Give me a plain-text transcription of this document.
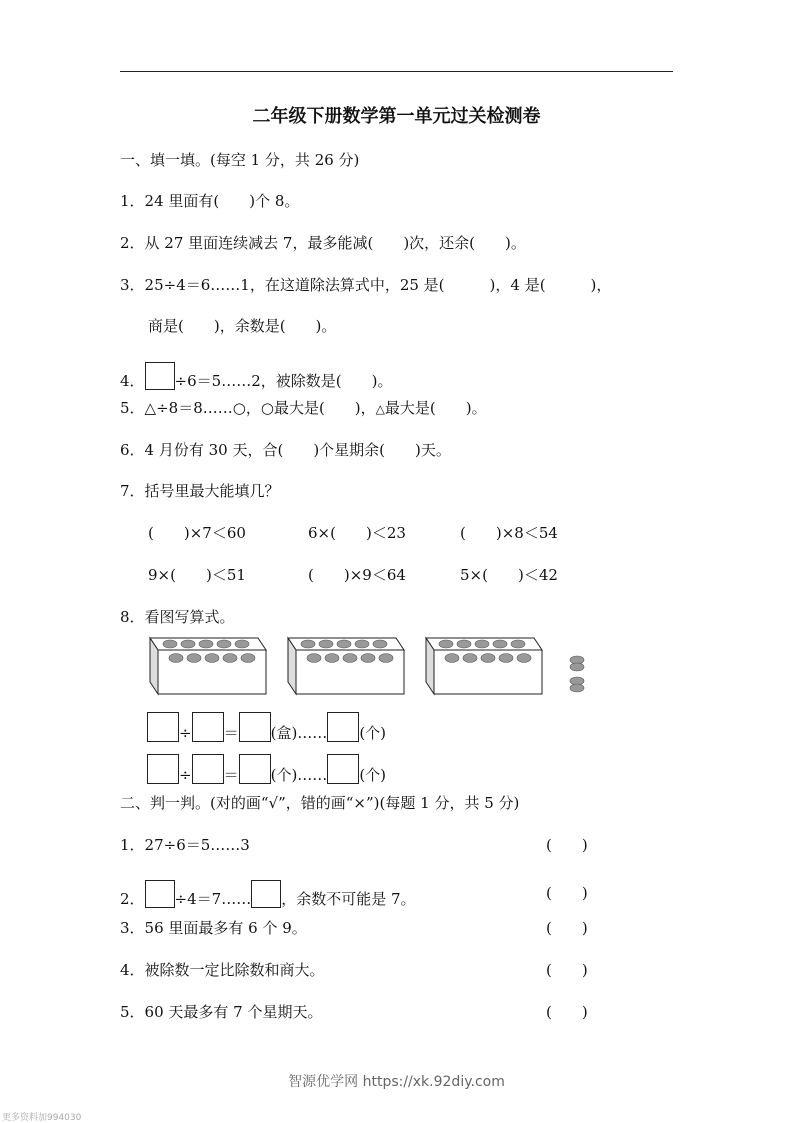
二年级下册数学第一单元过关检测卷
一、填一填。(每空 1 分，共 26 分)
1．24 里面有(　　)个 8。
2．从 27 里面连续减去 7，最多能减(　　)次，还余(　　)。
3．25÷4＝6……1，在这道除法算式中，25 是(　　　)，4 是(　　　)，
商是(　　)，余数是(　　)。
4． ÷6＝5……2，被除数是(　　)。
5．△÷8＝8……○，○最大是(　　)，△最大是(　　)。
6．4 月份有 30 天，合(　　)个星期余(　　)天。
7．括号里最大能填几？
(　　)×7＜60	6×(　　)＜23	(　　)×8＜54
9×(　　)＜51	(　　)×9＜64	5×(　　)＜42
8．看图写算式。
÷ ＝ (盒)…… (个)
÷ ＝ (个)…… (个)
二、判一判。(对的画“√”，错的画“×”)(每题 1 分，共 5 分)
1．27÷6＝5……3	(　　)
2． ÷4＝7…… ，余数不可能是 7。	(　　)
3．56 里面最多有 6 个 9。	(　　)
4．被除数一定比除数和商大。	(　　)
5．60 天最多有 7 个星期天。	(　　)
智源优学网 https://xk.92diy.com
更多资料加994030
